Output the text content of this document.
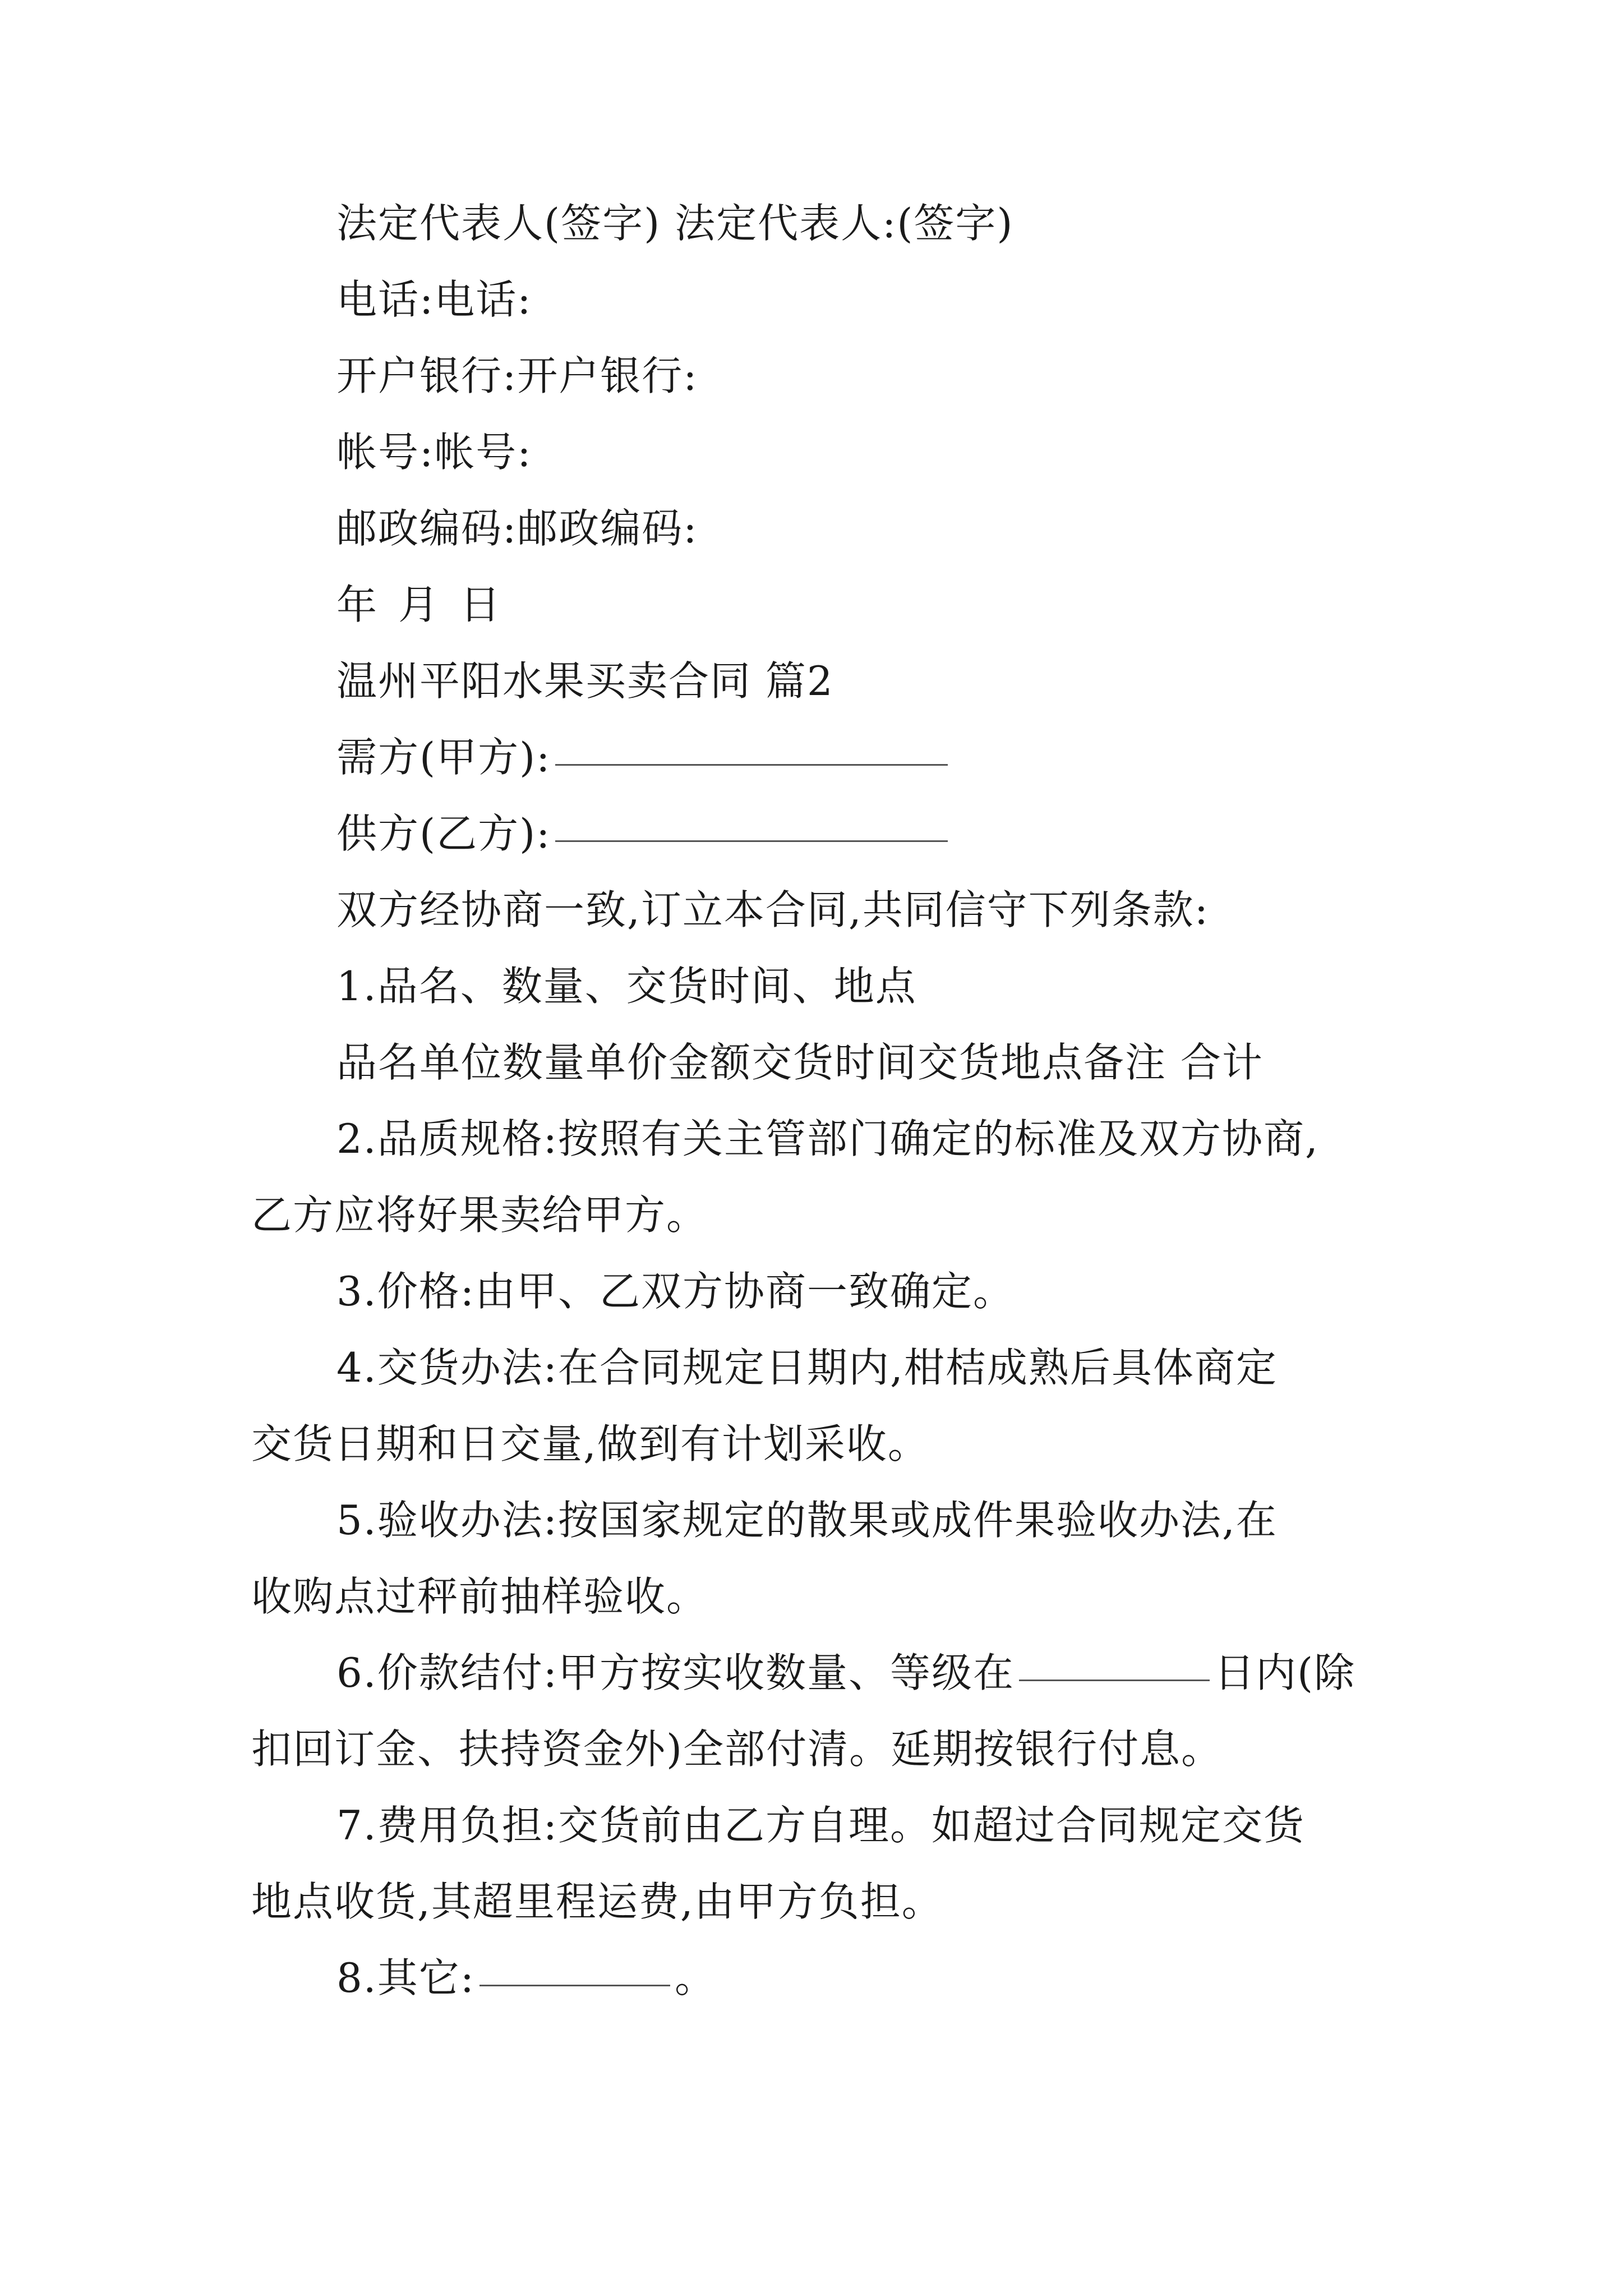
法定代表人(签字) 法定代表人:(签字)
电话:电话:
开户银行:开户银行:
帐号:帐号:
邮政编码:邮政编码:
年 月 日
温州平阳水果买卖合同 篇2
需方(甲方):
供方(乙方):
双方经协商一致,订立本合同,共同信守下列条款:
1.品名、数量、交货时间、地点
品名单位数量单价金额交货时间交货地点备注 合计
2.品质规格:按照有关主管部门确定的标准及双方协商,
乙方应将好果卖给甲方。
3.价格:由甲、乙双方协商一致确定。
4.交货办法:在合同规定日期内,柑桔成熟后具体商定
交货日期和日交量,做到有计划采收。
5.验收办法:按国家规定的散果或成件果验收办法,在
收购点过秤前抽样验收。
6.价款结付:甲方按实收数量、等级在	日内(除
扣回订金、扶持资金外)全部付清。延期按银行付息。
7.费用负担:交货前由乙方自理。如超过合同规定交货
地点收货,其超里程运费,由甲方负担。
8.其它:	。
